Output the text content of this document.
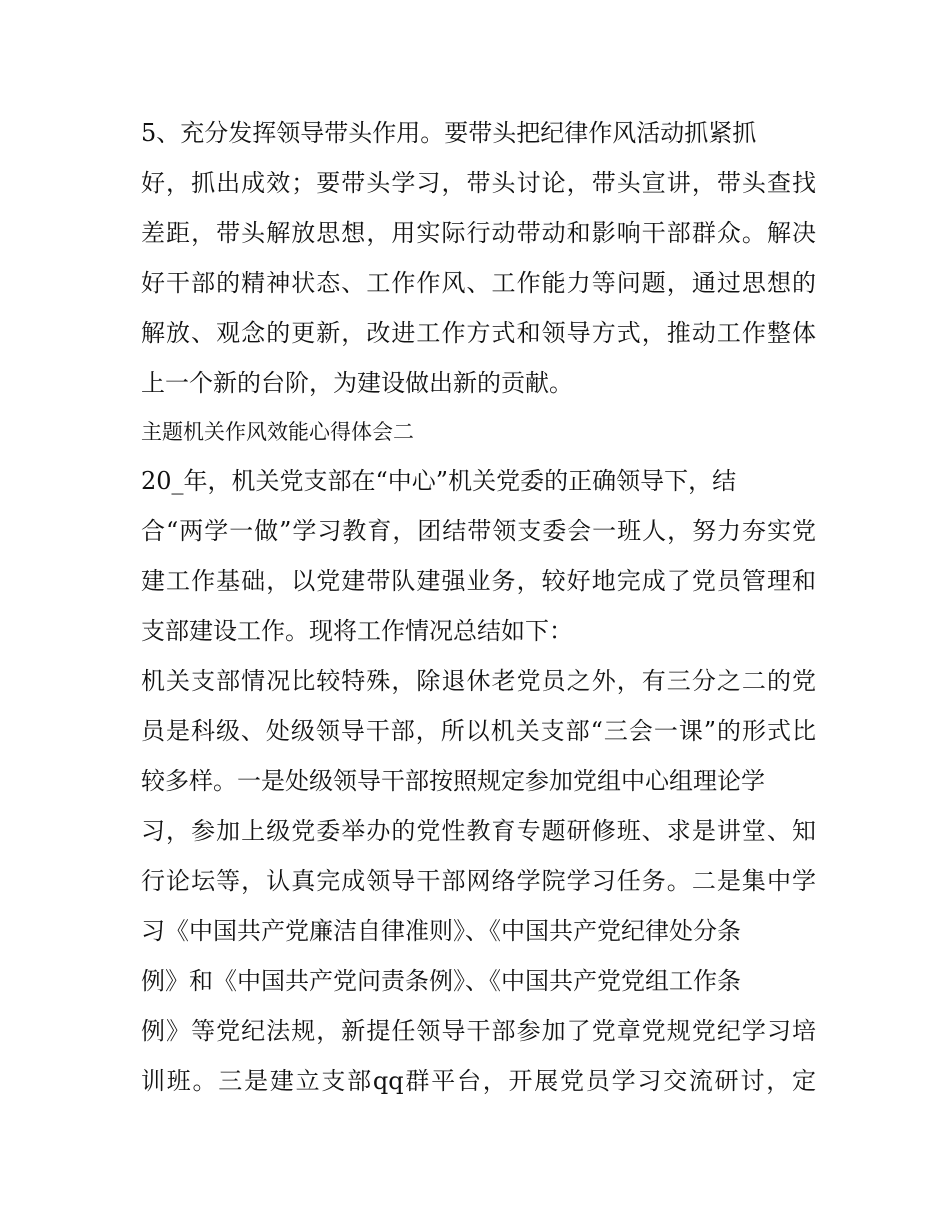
5、充分发挥领导带头作用。要带头把纪律作风活动抓紧抓
好，抓出成效；要带头学习，带头讨论，带头宣讲，带头查找
差距，带头解放思想，用实际行动带动和影响干部群众。解决
好干部的精神状态、工作作风、工作能力等问题，通过思想的
解放、观念的更新，改进工作方式和领导方式，推动工作整体
上一个新的台阶，为建设做出新的贡献。
主题机关作风效能心得体会二
20_年，机关党支部在“中心”机关党委的正确领导下，结
合“两学一做”学习教育，团结带领支委会一班人，努力夯实党
建工作基础，以党建带队建强业务，较好地完成了党员管理和
支部建设工作。现将工作情况总结如下：
机关支部情况比较特殊，除退休老党员之外，有三分之二的党
员是科级、处级领导干部，所以机关支部“三会一课”的形式比
较多样。一是处级领导干部按照规定参加党组中心组理论学
习，参加上级党委举办的党性教育专题研修班、求是讲堂、知
行论坛等，认真完成领导干部网络学院学习任务。二是集中学
习《中国共产党廉洁自律准则》、《中国共产党纪律处分条
例》和《中国共产党问责条例》、《中国共产党党组工作条
例》等党纪法规，新提任领导干部参加了党章党规党纪学习培
训班。三是建立支部qq群平台，开展党员学习交流研讨，定
